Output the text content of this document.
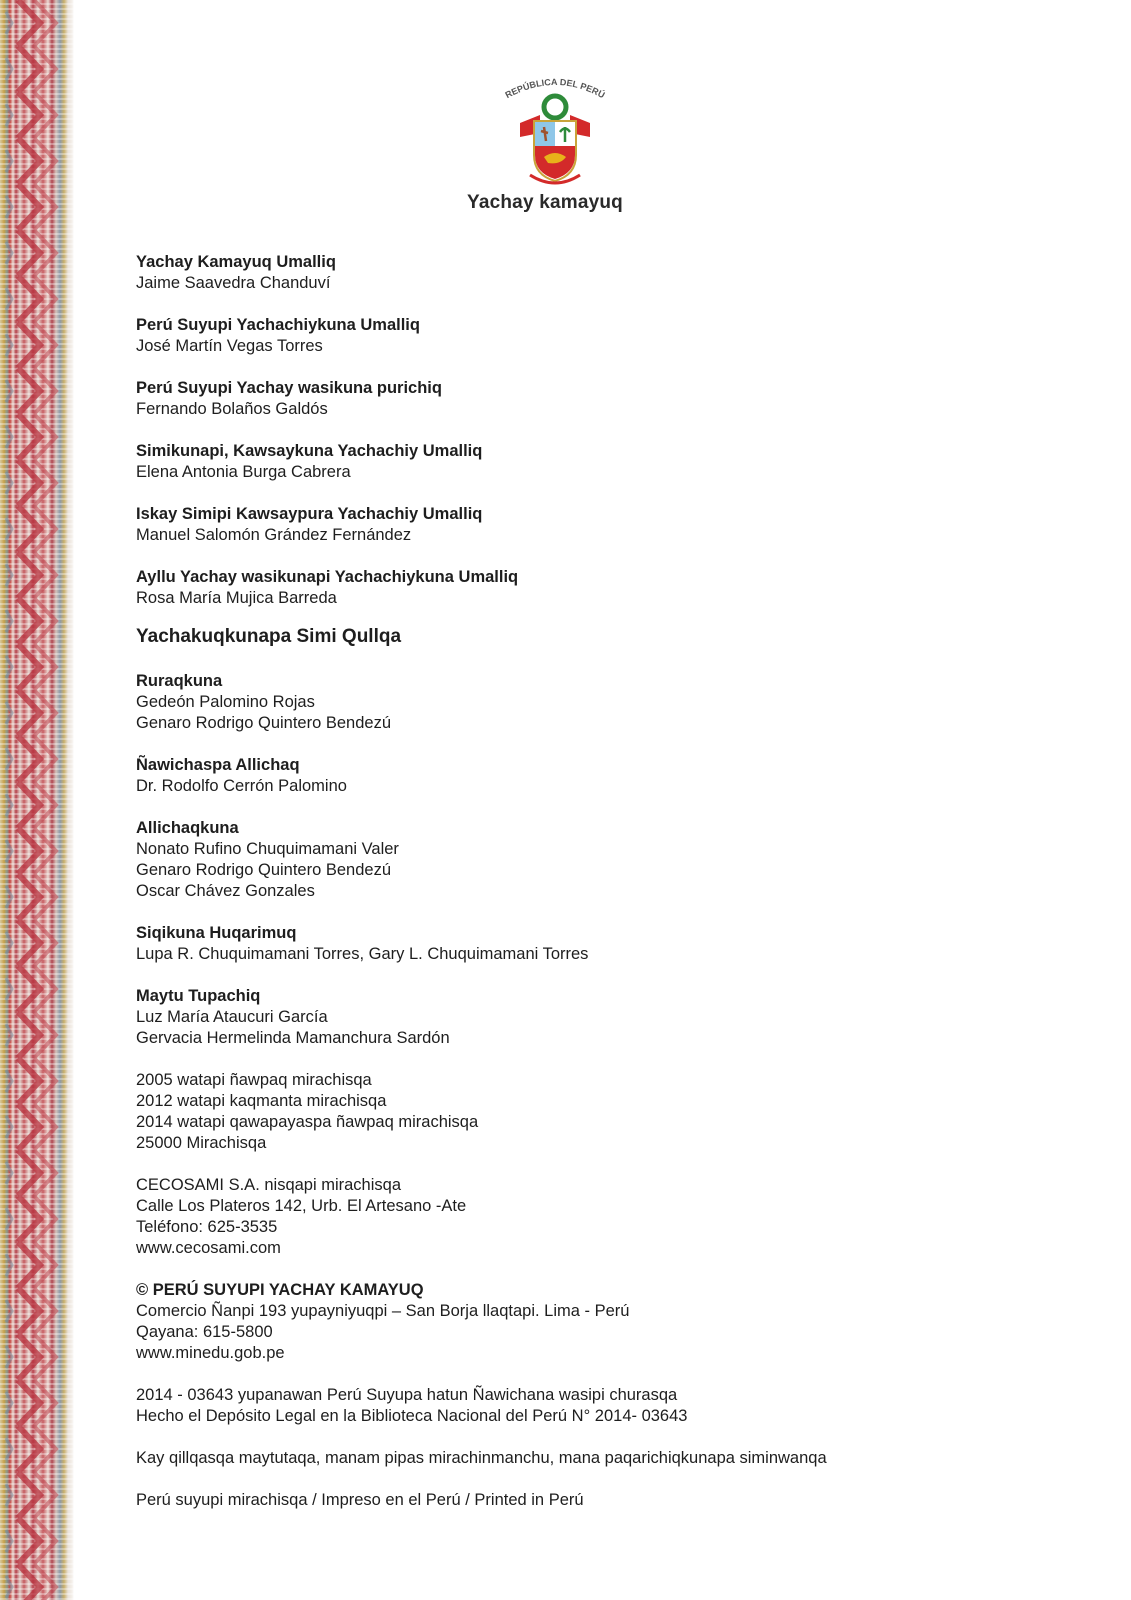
REPÚBLICA DEL PERÚ
Yachay kamayuq
Yachay Kamayuq Umalliq
Jaime Saavedra Chanduví
Perú Suyupi Yachachiykuna Umalliq
José Martín Vegas Torres
Perú Suyupi Yachay wasikuna purichiq
Fernando Bolaños Galdós
Simikunapi, Kawsaykuna Yachachiy Umalliq
Elena Antonia Burga Cabrera
Iskay Simipi Kawsaypura Yachachiy Umalliq
Manuel Salomón Grández Fernández
Ayllu Yachay wasikunapi Yachachiykuna Umalliq
Rosa María Mujica Barreda
Yachakuqkunapa Simi Qullqa
Ruraqkuna
Gedeón Palomino Rojas
Genaro Rodrigo Quintero Bendezú
Ñawichaspa Allichaq
Dr. Rodolfo Cerrón Palomino
Allichaqkuna
Nonato Rufino Chuquimamani Valer
Genaro Rodrigo Quintero Bendezú
Oscar Chávez Gonzales
Siqikuna Huqarimuq
Lupa R. Chuquimamani Torres, Gary L. Chuquimamani Torres
Maytu Tupachiq
Luz María Ataucuri García
Gervacia Hermelinda Mamanchura Sardón
2005 watapi ñawpaq mirachisqa
2012 watapi kaqmanta mirachisqa
2014 watapi qawapayaspa ñawpaq mirachisqa
25000 Mirachisqa
CECOSAMI S.A. nisqapi mirachisqa
Calle Los Plateros 142, Urb. El Artesano -Ate
Teléfono: 625-3535
www.cecosami.com
© PERÚ SUYUPI YACHAY KAMAYUQ
Comercio Ñanpi 193 yupayniyuqpi – San Borja llaqtapi. Lima - Perú
Qayana: 615-5800
www.minedu.gob.pe
2014 - 03643 yupanawan Perú Suyupa hatun Ñawichana wasipi churasqa
Hecho el Depósito Legal en la Biblioteca Nacional del Perú N° 2014- 03643
Kay qillqasqa maytutaqa, manam pipas mirachinmanchu, mana paqarichiqkunapa siminwanqa
Perú suyupi mirachisqa / Impreso en el Perú / Printed in Perú
